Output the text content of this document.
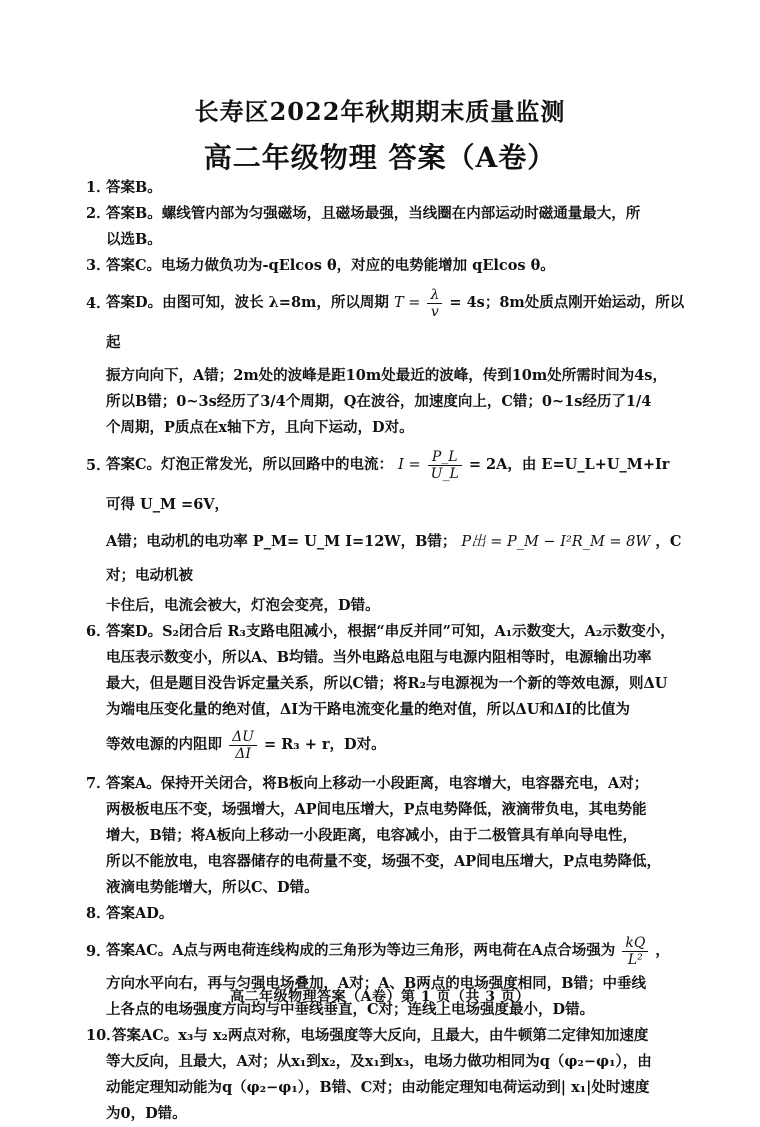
长寿区2022年秋期期末质量监测
高二年级物理 答案（A卷）
1．
答案B。
2．
答案B。螺线管内部为匀强磁场，且磁场最强，当线圈在内部运动时磁通量最大，所
以选B。
3．
答案C。电场力做负功为-qElcos θ，对应的电势能增加 qElcos θ。
4．
答案D。由图可知，波长 λ=8m，所以周期 $T = \frac{\lambda}{v} = 4s$；8m处质点刚开始运动，所以起
振方向向下，A错；2m处的波峰是距10m处最近的波峰，传到10m处所需时间为4s，
所以B错；0~3s经历了3/4个周期，Q在波谷，加速度向上，C错；0~1s经历了1/4
个周期，P质点在x轴下方，且向下运动，D对。
5．
答案C。灯泡正常发光，所以回路中的电流： $I = \frac{P\_L}{U\_L} = 2A$，由 E=U_L+U_M+Ir 可得 U_M =6V，
A错；电动机的电功率 P_M= U_M I=12W，B错； P出 = P_M − I²R_M = 8W ，C对；电动机被
卡住后，电流会被大，灯泡会变亮，D错。
6．
答案D。S₂闭合后 R₃支路电阻减小，根据“串反并同”可知，A₁示数变大，A₂示数变小，
电压表示数变小，所以A、B均错。当外电路总电阻与电源内阻相等时，电源输出功率
最大，但是题目没告诉定量关系，所以C错；将R₂与电源视为一个新的等效电源，则ΔU
为端电压变化量的绝对值，ΔI为干路电流变化量的绝对值，所以ΔU和ΔI的比值为
等效电源的内阻即 $\frac{\Delta U}{\Delta I} = R_3 + r$，D对。
7．
答案A。保持开关闭合，将B板向上移动一小段距离，电容增大，电容器充电，A对；
两极板电压不变，场强增大，AP间电压增大，P点电势降低，液滴带负电，其电势能
增大，B错；将A板向上移动一小段距离，电容减小，由于二极管具有单向导电性，
所以不能放电，电容器储存的电荷量不变，场强不变，AP间电压增大，P点电势降低，
液滴电势能增大，所以C、D错。
8．
答案AD。
9．
答案AC。A点与两电荷连线构成的三角形为等边三角形，两电荷在A点合场强为 $\frac{kQ}{\text{L²}}$ ，
方向水平向右，再与匀强电场叠加，A对；A、B两点的电场强度相同，B错；中垂线
上各点的电场强度方向均与中垂线垂直，C对；连线上电场强度最小，D错。
10．
答案AC。x₃与 x₂两点对称，电场强度等大反向，且最大，由牛顿第二定律知加速度
等大反向，且最大，A对；从x₁到x₂，及x₁到x₃，电场力做功相同为q（φ₂−φ₁），由
动能定理知动能为q（φ₂−φ₁），B错、C对；由动能定理知电荷运动到| x₁|处时速度
为0，D错。
高二年级物理答案（A卷）第 1 页（共 3 页）
